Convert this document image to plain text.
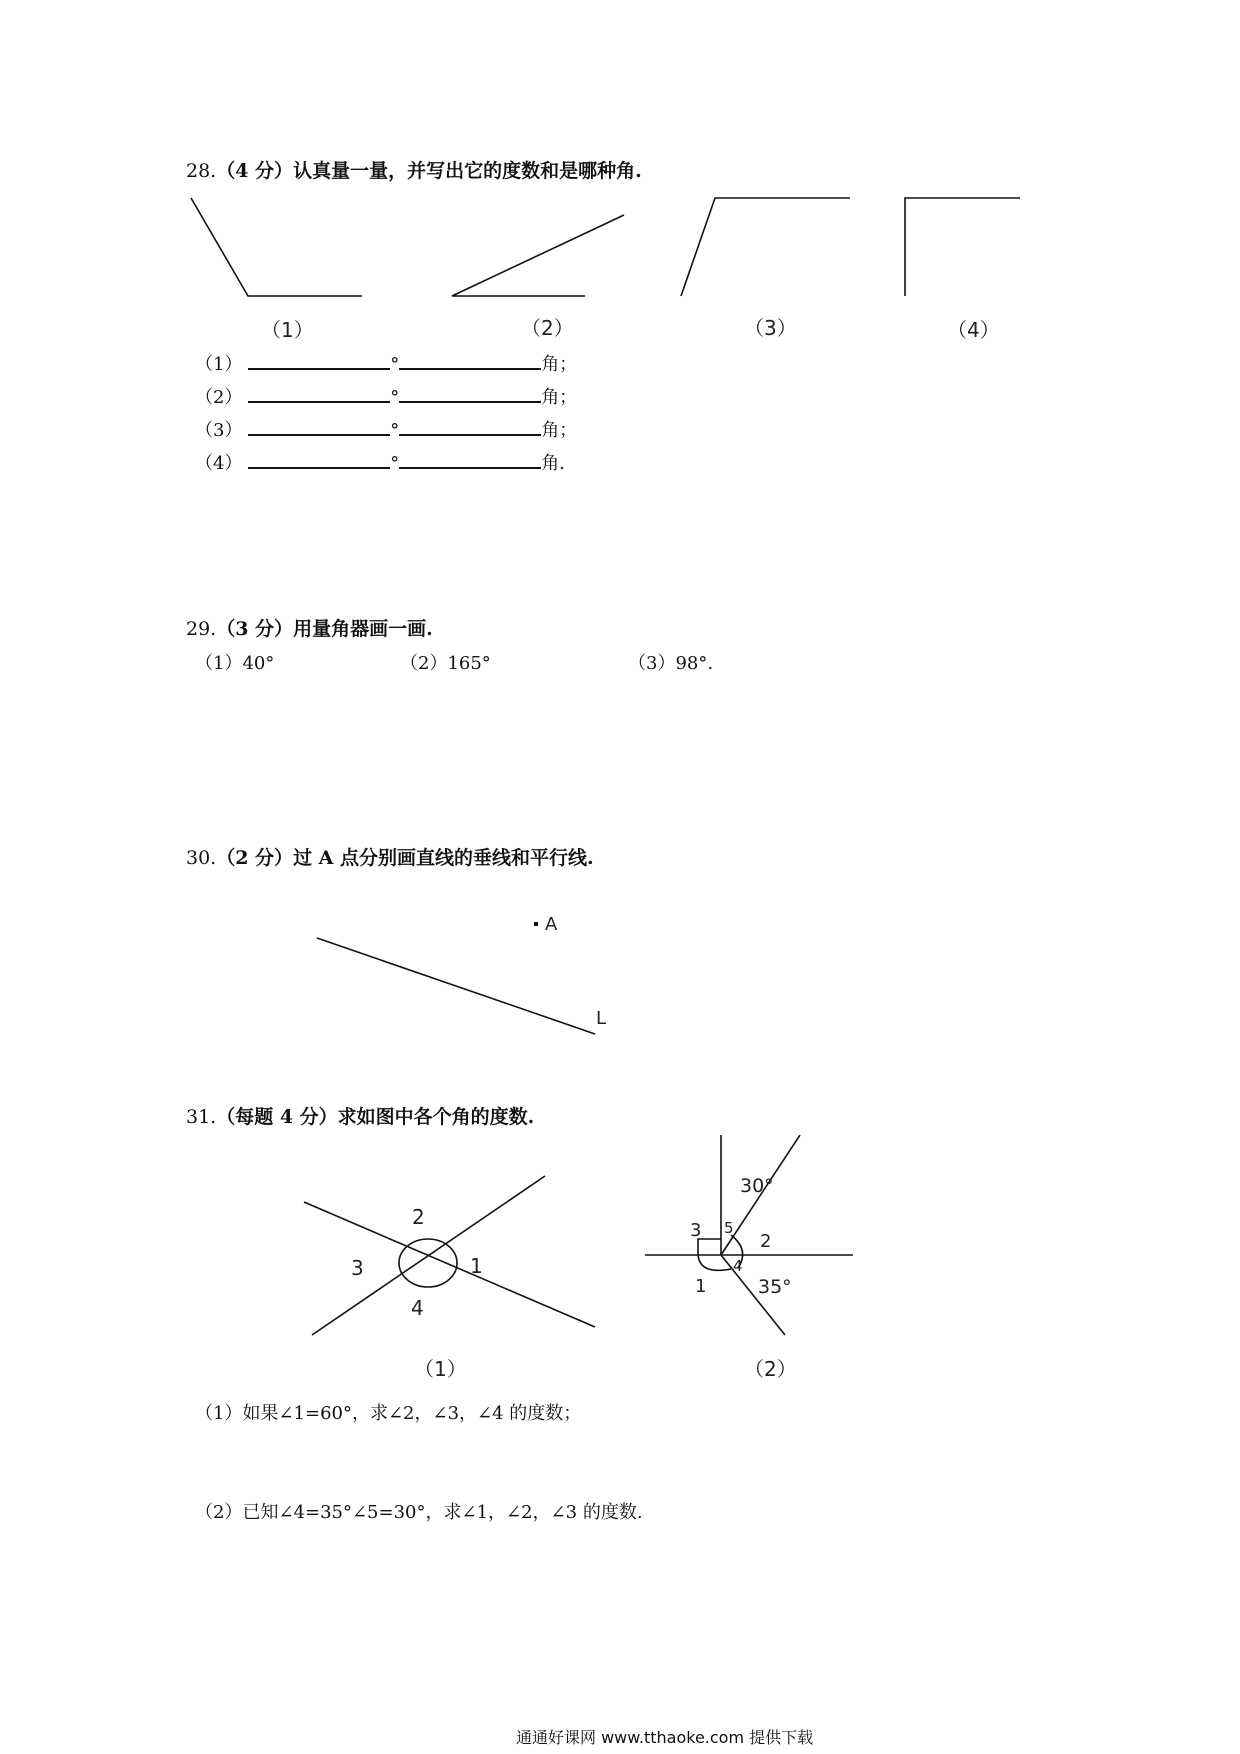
28.（4 分）认真量一量，并写出它的度数和是哪种角.
（1）	（2）	（3）	（4）
（1）	°	角；
（2）	°	角；
（3）	°	角；
（4）	°	角.
29.（3 分）用量角器画一画.
（1）40°	（2）165°	（3）98°.
30.（2 分）过 A 点分别画直线的垂线和平行线.
A
L
31.（每题 4 分）求如图中各个角的度数.
2
1
3
4
（1）
30°
35°
3 5
2
4
1
（2）
（1）如果∠1=60°，求∠2，∠3，∠4 的度数；
（2）已知∠4=35°∠5=30°，求∠1，∠2，∠3 的度数.
通通好课网 www.tthaoke.com 提供下载
